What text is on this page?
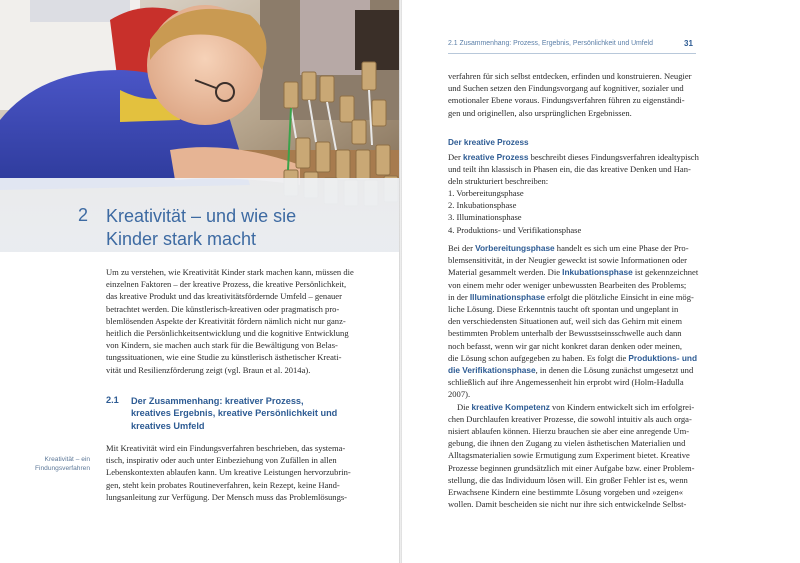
2 Kreativität – und wie sie
Kinder stark macht
Um zu verstehen, wie Kreativität Kinder stark machen kann, müssen die
einzelnen Faktoren – der kreative Prozess, die kreative Persönlichkeit,
das kreative Produkt und das kreativitätsfördernde Umfeld – genauer
betrachtet werden. Die künstlerisch-kreativen oder pragmatisch pro-
blemlösenden Aspekte der Kreativität fördern nämlich nicht nur ganz-
heitlich die Persönlichkeitsentwicklung und die kognitive Entwicklung
von Kindern, sie machen auch stark für die Bewältigung von Belas-
tungssituationen, wie eine Studie zu künstlerisch ästhetischer Kreati-
vität und Resilienzförderung zeigt (vgl. Braun et al. 2014a).
2.1 Der Zusammenhang: kreativer Prozess,
kreatives Ergebnis, kreative Persönlichkeit und
kreatives Umfeld
Kreativität – ein
Findungsverfahren
Mit Kreativität wird ein Findungsverfahren beschrieben, das systema-
tisch, inspirativ oder auch unter Einbeziehung von Zufällen in allen
Lebenskontexten ablaufen kann. Um kreative Leistungen hervorzubrin-
gen, steht kein probates Routineverfahren, kein Rezept, keine Hand-
lungsanleitung zur Verfügung. Der Mensch muss das Problemlösungs-
2.1 Zusammenhang: Prozess, Ergebnis, Persönlichkeit und Umfeld	31
verfahren für sich selbst entdecken, erfinden und konstruieren. Neugier
und Suchen setzen den Findungsvorgang auf kognitiver, sozialer und
emotionaler Ebene voraus. Findungsverfahren führen zu eigenständi-
gen und originellen, also ursprünglichen Ergebnissen.
Der kreative Prozess
Der kreative Prozess beschreibt dieses Findungsverfahren idealtypisch
und teilt ihn klassisch in Phasen ein, die das kreative Denken und Han-
deln strukturiert beschreiben:
1. Vorbereitungsphase
2. Inkubationsphase
3. Illuminationsphase
4. Produktions- und Verifikationsphase
Bei der Vorbereitungsphase handelt es sich um eine Phase der Pro-
blemsensitivität, in der Neugier geweckt ist sowie Informationen oder
Material gesammelt werden. Die Inkubationsphase ist gekennzeichnet
von einem mehr oder weniger unbewussten Bearbeiten des Problems;
in der Illuminationsphase erfolgt die plötzliche Einsicht in eine mög-
liche Lösung. Diese Erkenntnis taucht oft spontan und ungeplant in
den verschiedensten Situationen auf, weil sich das Gehirn mit einem
bestimmten Problem unterhalb der Bewusstseinsschwelle auch dann
noch befasst, wenn wir gar nicht konkret daran denken oder meinen,
die Lösung schon aufgegeben zu haben. Es folgt die Produktions- und
die Verifikationsphase, in denen die Lösung zunächst umgesetzt und
schließlich auf ihre Angemessenheit hin erprobt wird (Holm-Hadulla
2007).
Die kreative Kompetenz von Kindern entwickelt sich im erfolgrei-
chen Durchlaufen kreativer Prozesse, die sowohl intuitiv als auch orga-
nisiert ablaufen können. Hierzu brauchen sie aber eine anregende Um-
gebung, die ihnen den Zugang zu vielen ästhetischen Materialien und
Alltagsmaterialien sowie Ermutigung zum Experiment bietet. Kreative
Prozesse beginnen grundsätzlich mit einer Aufgabe bzw. einer Problem-
stellung, die das Individuum lösen will. Ein großer Fehler ist es, wenn
Erwachsene Kindern eine bestimmte Lösung vorgeben und »zeigen«
wollen. Damit bescheiden sie nicht nur ihre sich entwickelnde Selbst-
